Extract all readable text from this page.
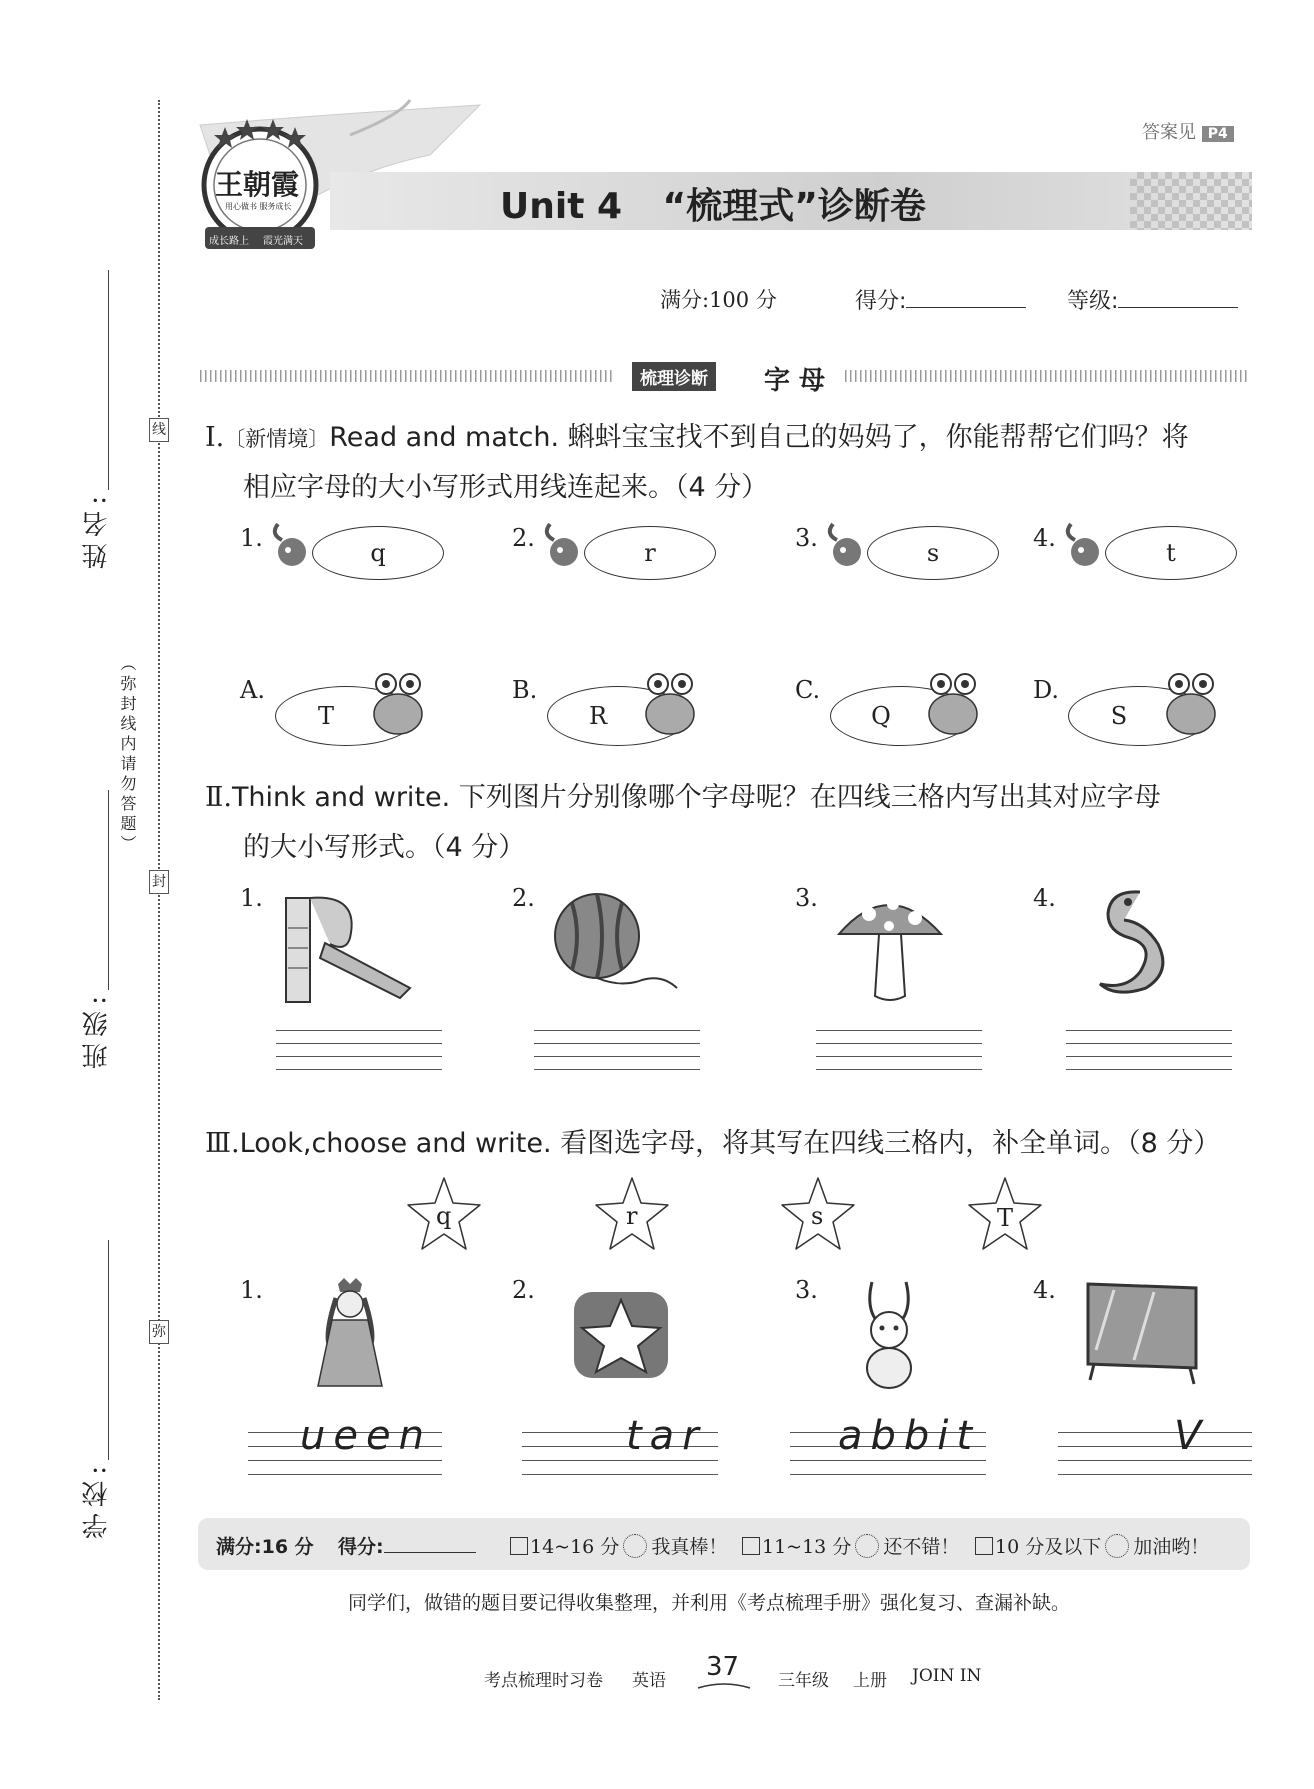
姓名:
班级:
学校:
（弥封线内请勿答题）
线
封
弥
王朝霞
用心做书 服务成长
成长路上 霞光满天
答案见 P4
Unit 4 “梳理式”诊断卷
满分:100 分	得分:	等级:
梳理诊断	字 母
Ⅰ.〔新情境〕Read and match. 蝌蚪宝宝找不到自己的妈妈了，你能帮帮它们吗？将
相应字母的大小写形式用线连起来。（4 分）
1.
q
2.
r
3.
s
4.
t
A.
T
B.
R
C.
Q
D.
S
Ⅱ.Think and write. 下列图片分别像哪个字母呢？在四线三格内写出其对应字母
的大小写形式。（4 分）
1.	2.	3.	4.
Ⅲ.Look,choose and write. 看图选字母，将其写在四线三格内，补全单词。（8 分）
q	r	s	T
1.
ueen
2.
tar
3.
abbit
4.
V
满分:16 分 得分:	14~16 分 我真棒！	11~13 分 还不错！	10 分及以下 加油哟！
同学们，做错的题目要记得收集整理，并利用《考点梳理手册》强化复习、查漏补缺。
考点梳理时习卷 英语 37 三年级 上册 JOIN IN
